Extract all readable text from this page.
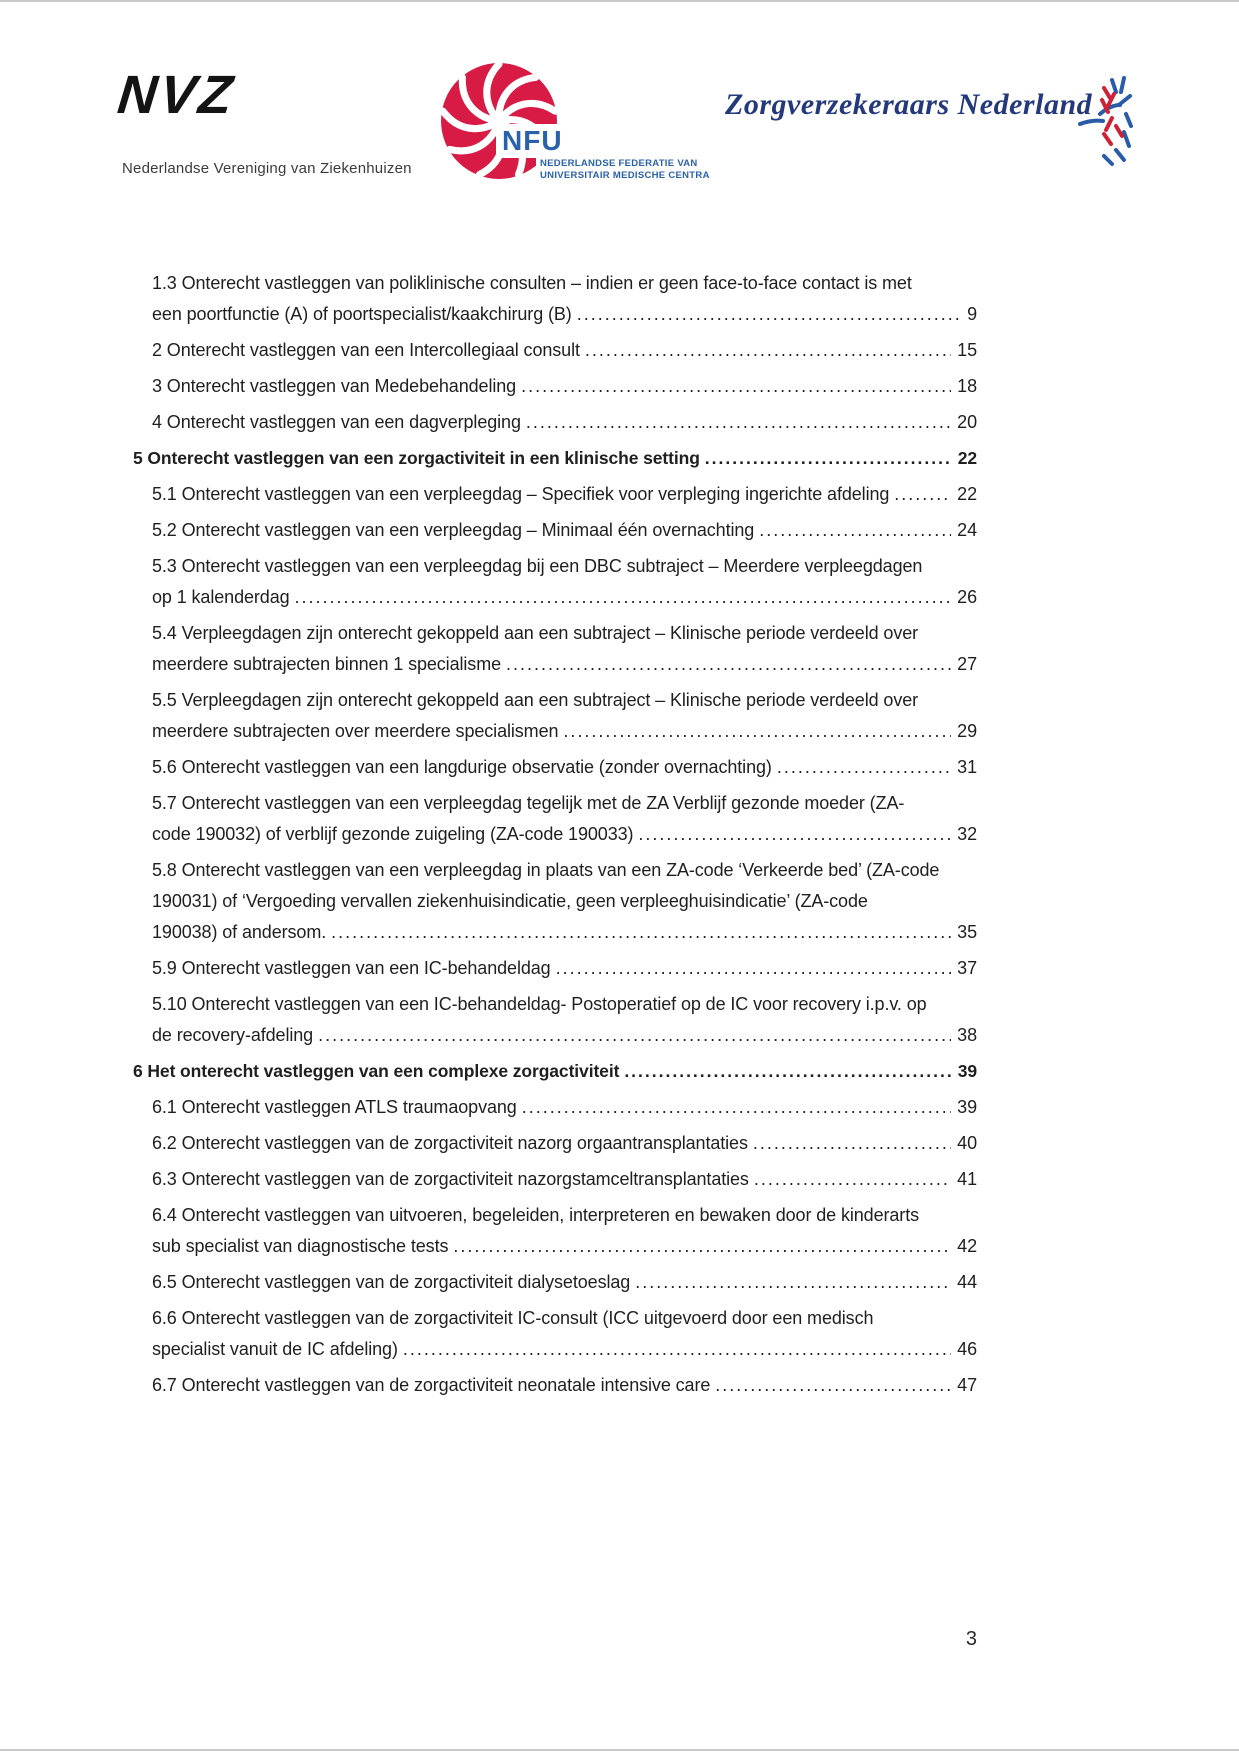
NVZ
Nederlandse Vereniging van Ziekenhuizen
NFU
NEDERLANDSE FEDERATIE VAN
UNIVERSITAIR MEDISCHE CENTRA
Zorgverzekeraars Nederland
1.3 Onterecht vastleggen van poliklinische consulten – indien er geen face-to-face contact is met
een poortfunctie (A) of poortspecialist/kaakchirurg (B) .....	9
2 Onterecht vastleggen van een Intercollegiaal consult .....	15
3 Onterecht vastleggen van Medebehandeling .....	18
4 Onterecht vastleggen van een dagverpleging .....	20
5 Onterecht vastleggen van een zorgactiviteit in een klinische setting .....	22
5.1 Onterecht vastleggen van een verpleegdag – Specifiek voor verpleging ingerichte afdeling .....	22
5.2 Onterecht vastleggen van een verpleegdag – Minimaal één overnachting .....	24
5.3 Onterecht vastleggen van een verpleegdag bij een DBC subtraject – Meerdere verpleegdagen
op 1 kalenderdag .....	26
5.4 Verpleegdagen zijn onterecht gekoppeld aan een subtraject – Klinische periode verdeeld over
meerdere subtrajecten binnen 1 specialisme .....	27
5.5 Verpleegdagen zijn onterecht gekoppeld aan een subtraject – Klinische periode verdeeld over
meerdere subtrajecten over meerdere specialismen .....	29
5.6 Onterecht vastleggen van een langdurige observatie (zonder overnachting) .....	31
5.7 Onterecht vastleggen van een verpleegdag tegelijk met de ZA Verblijf gezonde moeder (ZA-
code 190032) of verblijf gezonde zuigeling (ZA-code 190033) .....	32
5.8 Onterecht vastleggen van een verpleegdag in plaats van een ZA-code ‘Verkeerde bed’ (ZA-code
190031) of ‘Vergoeding vervallen ziekenhuisindicatie, geen verpleeghuisindicatie’ (ZA-code
190038) of andersom. .....	35
5.9 Onterecht vastleggen van een IC-behandeldag .....	37
5.10 Onterecht vastleggen van een IC-behandeldag- Postoperatief op de IC voor recovery i.p.v. op
de recovery-afdeling .....	38
6 Het onterecht vastleggen van een complexe zorgactiviteit .....	39
6.1 Onterecht vastleggen ATLS traumaopvang .....	39
6.2 Onterecht vastleggen van de zorgactiviteit nazorg orgaantransplantaties .....	40
6.3 Onterecht vastleggen van de zorgactiviteit nazorgstamceltransplantaties .....	41
6.4 Onterecht vastleggen van uitvoeren, begeleiden, interpreteren en bewaken door de kinderarts
sub specialist van diagnostische tests .....	42
6.5 Onterecht vastleggen van de zorgactiviteit dialysetoeslag .....	44
6.6 Onterecht vastleggen van de zorgactiviteit IC-consult (ICC uitgevoerd door een medisch
specialist vanuit de IC afdeling) .....	46
6.7 Onterecht vastleggen van de zorgactiviteit neonatale intensive care .....	47
3
